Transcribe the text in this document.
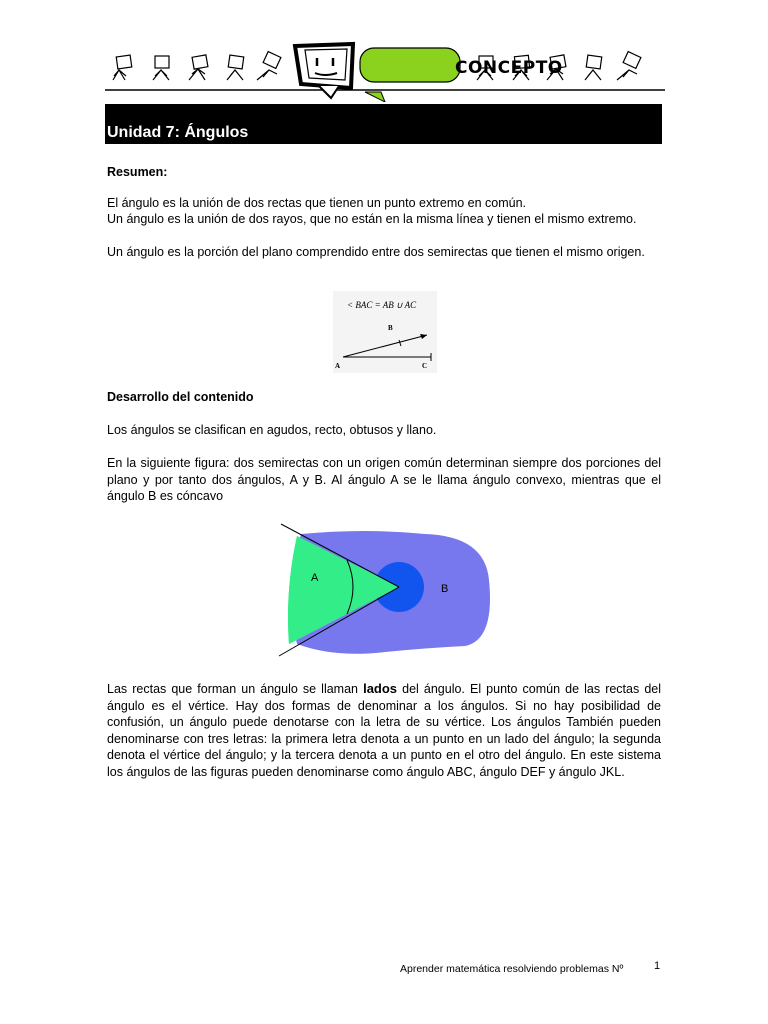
CONCEPTO
Unidad 7: Ángulos
Resumen:

El ángulo es la unión de dos rectas que tienen un punto extremo en común.

Un ángulo es la unión de dos rayos, que no están en la misma línea y tienen el mismo extremo.

Un ángulo es la porción del plano comprendido entre dos semirectas que tienen el mismo origen.

< BAC = AB ∪ AC
B
A	C
Desarrollo del contenido

Los ángulos se clasifican en agudos, recto, obtusos y llano.

En la siguiente figura: dos semirectas con un origen común determinan siempre dos porciones del plano y por tanto dos ángulos, A y B. Al ángulo A se le llama ángulo convexo, mientras que el ángulo B es cóncavo

A
B

Las rectas que forman un ángulo se llaman lados del ángulo. El punto común de las rectas del ángulo es el vértice. Hay dos formas de denominar a los ángulos. Si no hay posibilidad de confusión, un ángulo puede denotarse con la letra de su vértice. Los ángulos También pueden denominarse con tres letras: la primera letra denota a un punto en un lado del ángulo; la segunda denota el vértice del ángulo; y la tercera denota a un punto en el otro del ángulo. En este sistema los ángulos de las figuras pueden denominarse como ángulo ABC, ángulo DEF y ángulo JKL.

Aprender matemática resolviendo problemas Nº	1
